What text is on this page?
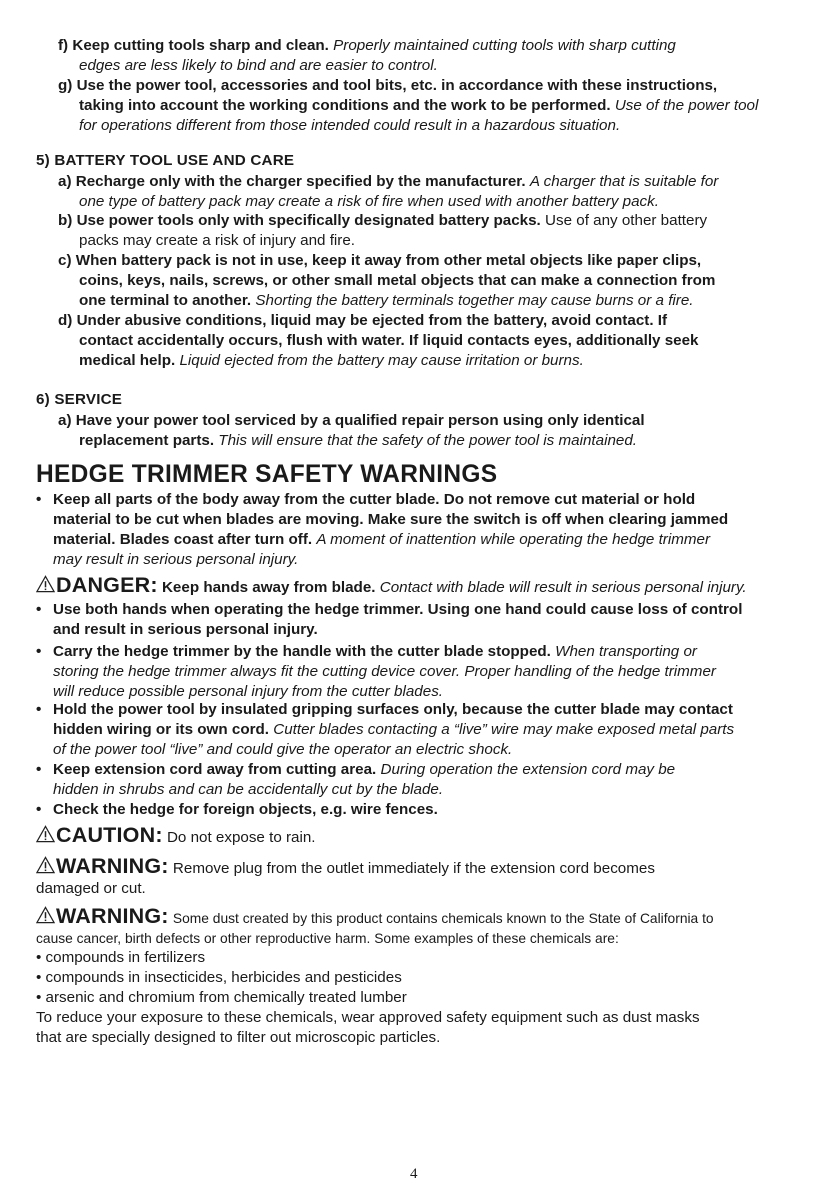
f) Keep cutting tools sharp and clean. Properly maintained cutting tools with sharp cutting
edges are less likely to bind and are easier to control.
g) Use the power tool, accessories and tool bits, etc. in accordance with these instructions,
taking into account the working conditions and the work to be performed. Use of the power tool
for operations different from those intended could result in a hazardous situation.
5) BATTERY TOOL USE AND CARE
a) Recharge only with the charger specified by the manufacturer. A charger that is suitable for
one type of battery pack may create a risk of fire when used with another battery pack.
b) Use power tools only with specifically designated battery packs. Use of any other battery
packs may create a risk of injury and fire.
c) When battery pack is not in use, keep it away from other metal objects like paper clips,
coins, keys, nails, screws, or other small metal objects that can make a connection from
one terminal to another. Shorting the battery terminals together may cause burns or a fire.
d) Under abusive conditions, liquid may be ejected from the battery, avoid contact. If
contact accidentally occurs, flush with water. If liquid contacts eyes, additionally seek
medical help. Liquid ejected from the battery may cause irritation or burns.
6) SERVICE
a) Have your power tool serviced by a qualified repair person using only identical
replacement parts. This will ensure that the safety of the power tool is maintained.
HEDGE TRIMMER SAFETY WARNINGS
• Keep all parts of the body away from the cutter blade. Do not remove cut material or hold
material to be cut when blades are moving. Make sure the switch is off when clearing jammed
material. Blades coast after turn off. A moment of inattention while operating the hedge trimmer
may result in serious personal injury.
DANGER: Keep hands away from blade. Contact with blade will result in serious personal injury.
• Use both hands when operating the hedge trimmer. Using one hand could cause loss of control
and result in serious personal injury.
• Carry the hedge trimmer by the handle with the cutter blade stopped. When transporting or
storing the hedge trimmer always fit the cutting device cover. Proper handling of the hedge trimmer
will reduce possible personal injury from the cutter blades.
• Hold the power tool by insulated gripping surfaces only, because the cutter blade may contact
hidden wiring or its own cord. Cutter blades contacting a “live” wire may make exposed metal parts
of the power tool “live” and could give the operator an electric shock.
• Keep extension cord away from cutting area. During operation the extension cord may be
hidden in shrubs and can be accidentally cut by the blade.
• Check the hedge for foreign objects, e.g. wire fences.
CAUTION: Do not expose to rain.
WARNING: Remove plug from the outlet immediately if the extension cord becomes
damaged or cut.
WARNING: Some dust created by this product contains chemicals known to the State of California to
cause cancer, birth defects or other reproductive harm. Some examples of these chemicals are:
• compounds in fertilizers
• compounds in insecticides, herbicides and pesticides
• arsenic and chromium from chemically treated lumber
To reduce your exposure to these chemicals, wear approved safety equipment such as dust masks
that are specially designed to filter out microscopic particles.
4
